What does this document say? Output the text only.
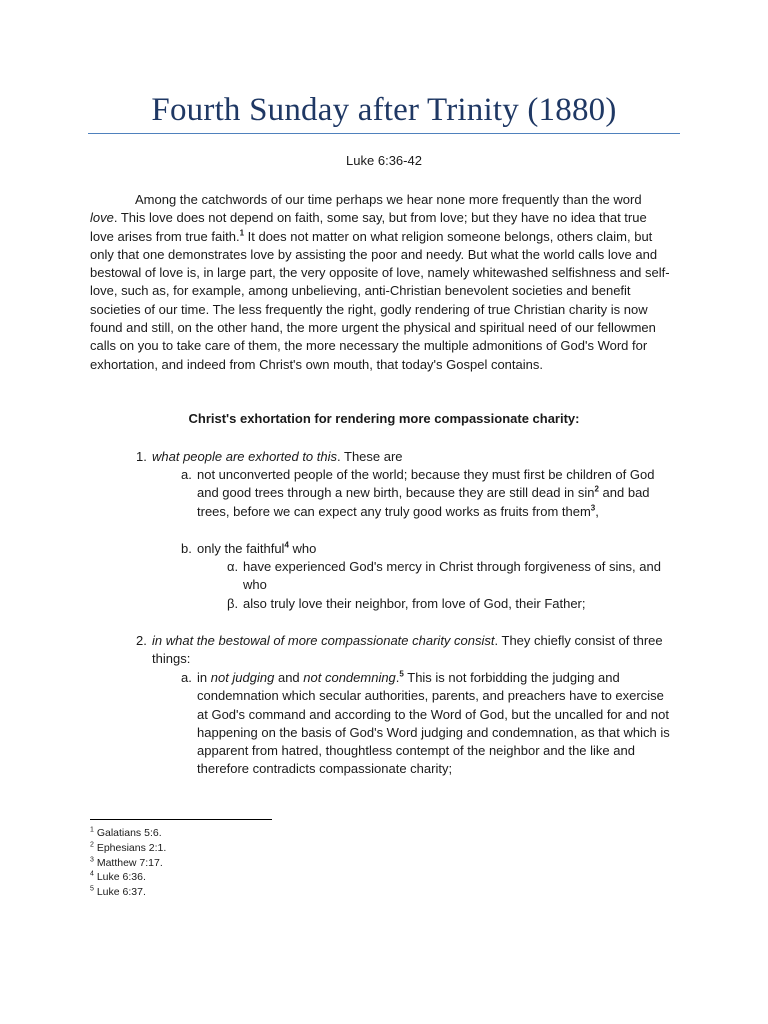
Fourth Sunday after Trinity (1880)
Luke 6:36-42

Among the catchwords of our time perhaps we hear none more frequently than the word love. This love does not depend on faith, some say, but from love; but they have no idea that true love arises from true faith.$^1$ It does not matter on what religion someone belongs, others claim, but only that one demonstrates love by assisting the poor and needy. But what the world calls love and bestowal of love is, in large part, the very opposite of love, namely whitewashed selfishness and self-love, such as, for example, among unbelieving, anti-Christian benevolent societies and benefit societies of our time. The less frequently the right, godly rendering of true Christian charity is now found and still, on the other hand, the more urgent the physical and spiritual need of our fellowmen calls on you to take care of them, the more necessary the multiple admonitions of God's Word for exhortation, and indeed from Christ's own mouth, that today's Gospel contains.

Christ's exhortation for rendering more compassionate charity:
1. what people are exhorted to this. These are
a. not unconverted people of the world; because they must first be children of God and good trees through a new birth, because they are still dead in $\sin^2$ and bad trees, before we can expect any truly good works as fruits from them$^3$,
b. only the faithful$^4$ who
α. have experienced God's mercy in Christ through forgiveness of sins, and who
β. also truly love their neighbor, from love of God, their Father;
2. in what the bestowal of more compassionate charity consist. They chiefly consist of three things:
a. in not judging and not condemning.$^5$ This is not forbidding the judging and condemnation which secular authorities, parents, and preachers have to exercise at God's command and according to the Word of God, but the uncalled for and not happening on the basis of God's Word judging and condemnation, as that which is apparent from hatred, thoughtless contempt of the neighbor and the like and therefore contradicts compassionate charity;
$^1$ Galatians 5:6.
$^2$ Ephesians 2:1.
$^3$ Matthew 7:17.
$^4$ Luke 6:36.
$^5$ Luke 6:37.
